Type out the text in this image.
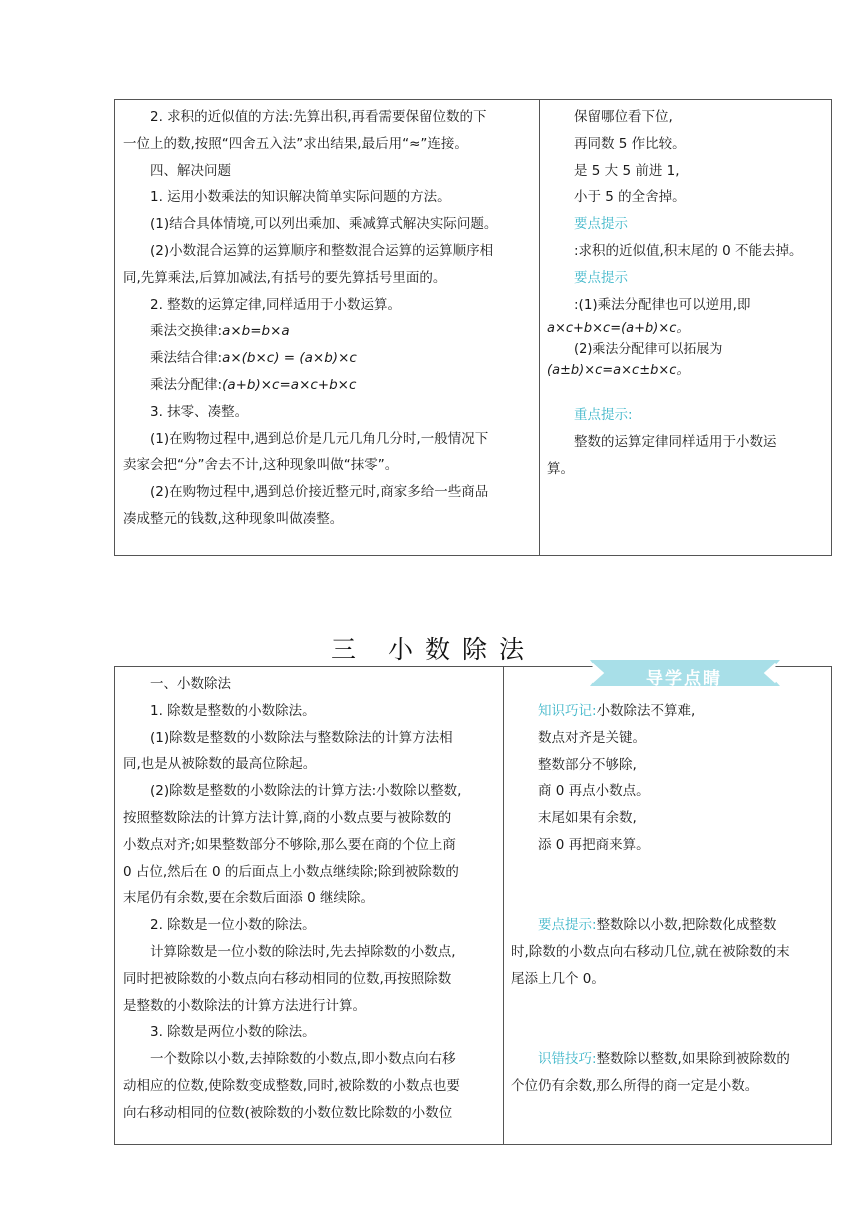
2. 求积的近似值的方法:先算出积,再看需要保留位数的下

一位上的数,按照“四舍五入法”求出结果,最后用“≈”连接。

四、解决问题

1. 运用小数乘法的知识解决简单实际问题的方法。

(1)结合具体情境,可以列出乘加、乘减算式解决实际问题。

(2)小数混合运算的运算顺序和整数混合运算的运算顺序相

同,先算乘法,后算加减法,有括号的要先算括号里面的。

2. 整数的运算定律,同样适用于小数运算。

乘法交换律:a×b=b×a

乘法结合律:a×(b×c) = (a×b)×c

乘法分配律:(a+b)×c=a×c+b×c

3. 抹零、凑整。

(1)在购物过程中,遇到总价是几元几角几分时,一般情况下

卖家会把“分”舍去不计,这种现象叫做“抹零”。

(2)在购物过程中,遇到总价接近整元时,商家多给一些商品

凑成整元的钱数,这种现象叫做凑整。

保留哪位看下位,

再同数 5 作比较。

是 5 大 5 前进 1,

小于 5 的全舍掉。

要点提示

:求积的近似值,积末尾的 0 不能去掉。

要点提示

:(1)乘法分配律也可以逆用,即

a×c+b×c=(a+b)×c。

(2)乘法分配律可以拓展为

(a±b)×c=a×c±b×c。

重点提示:

整数的运算定律同样适用于小数运

算。

三 小数除法

一、小数除法

1. 除数是整数的小数除法。

(1)除数是整数的小数除法与整数除法的计算方法相

同,也是从被除数的最高位除起。

(2)除数是整数的小数除法的计算方法:小数除以整数,

按照整数除法的计算方法计算,商的小数点要与被除数的

小数点对齐;如果整数部分不够除,那么要在商的个位上商

0 占位,然后在 0 的后面点上小数点继续除;除到被除数的

末尾仍有余数,要在余数后面添 0 继续除。

2. 除数是一位小数的除法。

计算除数是一位小数的除法时,先去掉除数的小数点,

同时把被除数的小数点向右移动相同的位数,再按照除数

是整数的小数除法的计算方法进行计算。

3. 除数是两位小数的除法。

一个数除以小数,去掉除数的小数点,即小数点向右移

动相应的位数,使除数变成整数,同时,被除数的小数点也要

向右移动相同的位数(被除数的小数位数比除数的小数位

知识巧记:小数除法不算难,

数点对齐是关键。

整数部分不够除,

商 0 再点小数点。

末尾如果有余数,

添 0 再把商来算。

要点提示:整数除以小数,把除数化成整数

时,除数的小数点向右移动几位,就在被除数的末

尾添上几个 0。

识错技巧:整数除以整数,如果除到被除数的

个位仍有余数,那么所得的商一定是小数。

导学点睛
